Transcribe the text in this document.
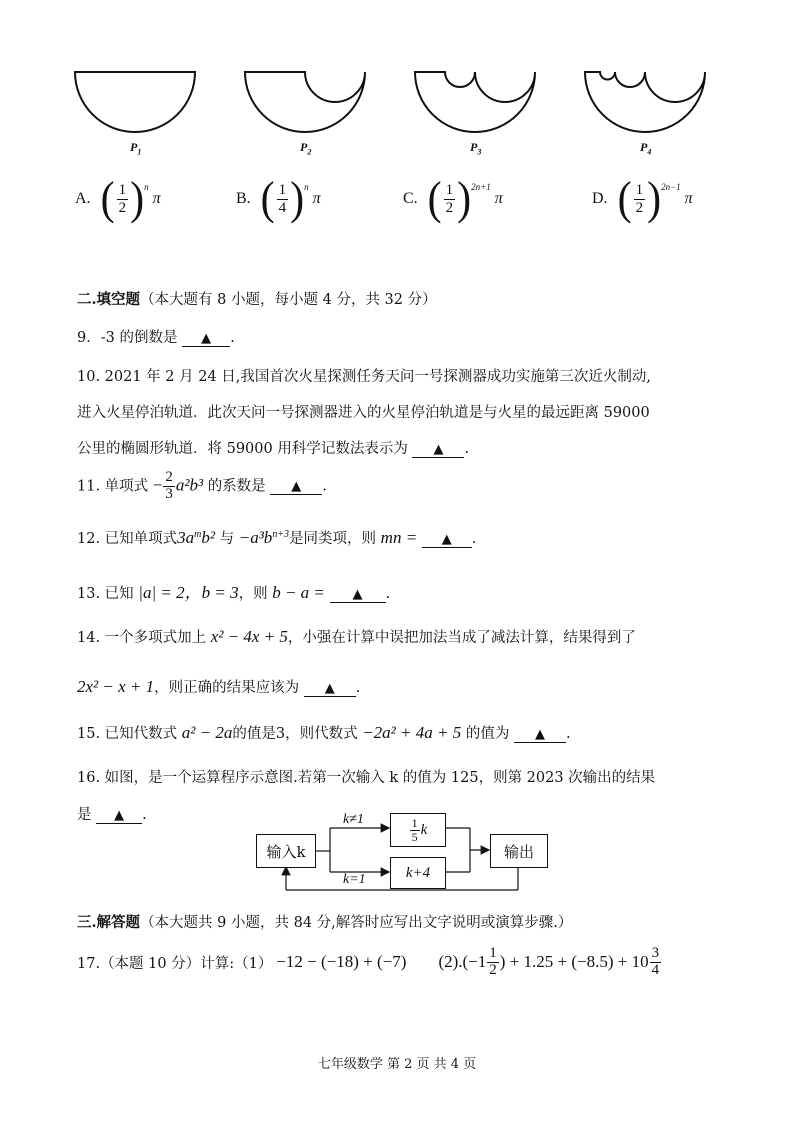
$P_1$	$P_2$	$P_3$	$P_4$
A. ( $\frac{1}{2}$ ) n
π	B. ( $\frac{1}{4}$ ) n
π	C. ( $\frac{1}{2}$ ) 2n+1
π	D. ( $\frac{1}{2}$ ) 2n−1
π
二.填空题（本大题有 8 小题，每小题 4 分，共 32 分）
9．-3 的倒数是 ▲ .
10. 2021 年 2 月 24 日,我国首次火星探测任务天问一号探测器成功实施第三次近火制动,
进入火星停泊轨道．此次天问一号探测器进入的火星停泊轨道是与火星的最远距离 59000
公里的椭圆形轨道．将 59000 用科学记数法表示为 ▲ .
11. 单项式 − $\frac{2}{3} a^2b^3$ 的系数是 ▲ .
12. 已知单项式$3a^mb^2$ 与 $-a^3b^{n+3}$是同类项，则 mn = ▲ .
13. 已知 |a| = 2，b = 3，则 b − a = ▲ .
14. 一个多项式加上 x² − 4x + 5，小强在计算中误把加法当成了减法计算，结果得到了
2x² − x + 1，则正确的结果应该为 ▲ .
15. 已知代数式 a² − 2a的值是3，则代数式 −2a² + 4a + 5 的值为 ▲ .
16. 如图，是一个运算程序示意图.若第一次输入 k 的值为 125，则第 2023 次输出的结果
是 ▲ .
输入k
k≠1
k=1
$\frac{1}{5}$ k
k+4
输出
三.解答题（本大题共 9 小题，共 84 分,解答时应写出文字说明或演算步骤.）
17.（本题 10 分）计算:（1） −12 − (−18) + (−7) (2). ($-1 \frac{1}{2}$ ) + $1.25 + (-8.5) + 10 \frac{3}{4}$
七年级数学 第 2 页 共 4 页
